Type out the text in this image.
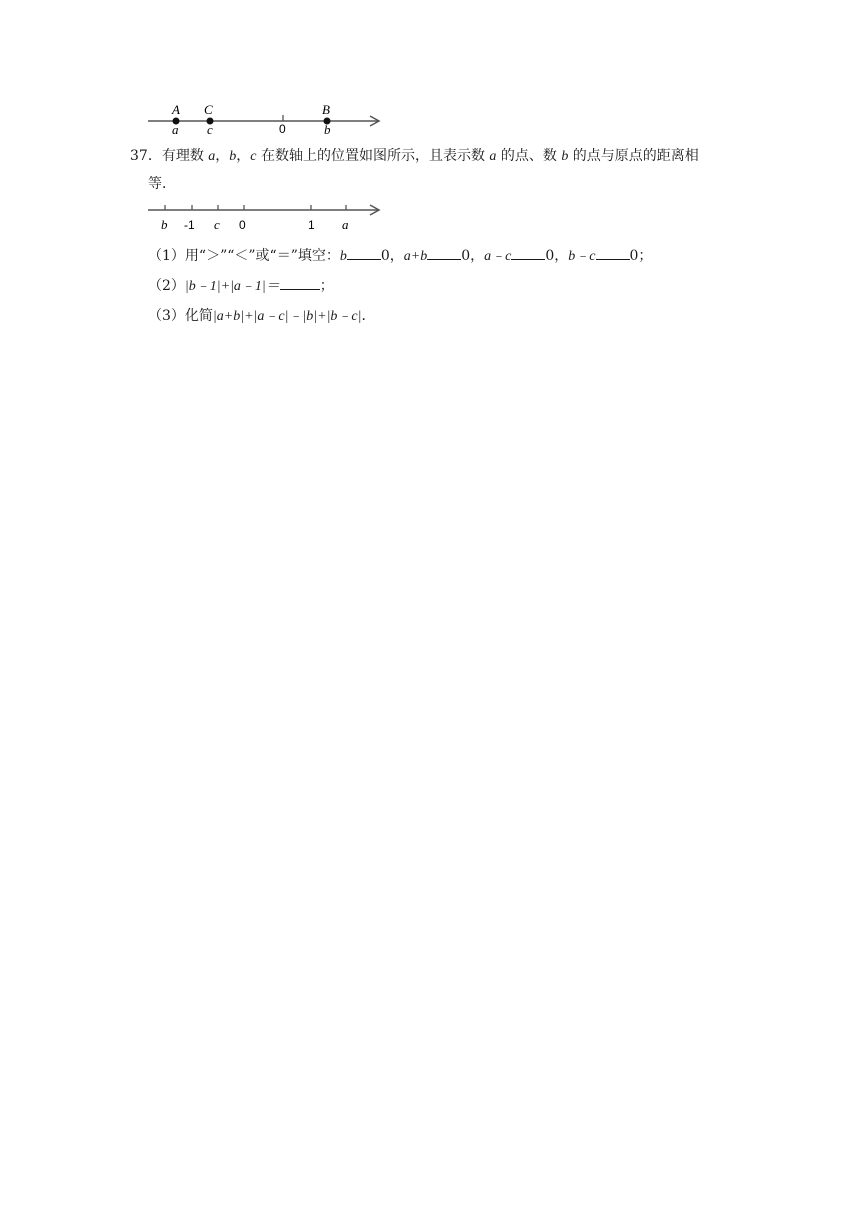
A
a
C
c	0
B
b
37．有理数 a，b，c 在数轴上的位置如图所示，且表示数 a 的点、数 b 的点与原点的距离相
等．
b -1 c 0	1 a
（1）用“＞”“＜”或“＝”填空：b 0，a+b 0，a﹣c 0，b﹣c 0；
（2）|b﹣1|+|a﹣1|＝	；
（3）化简|a+b|+|a﹣c|﹣|b|+|b﹣c|．
